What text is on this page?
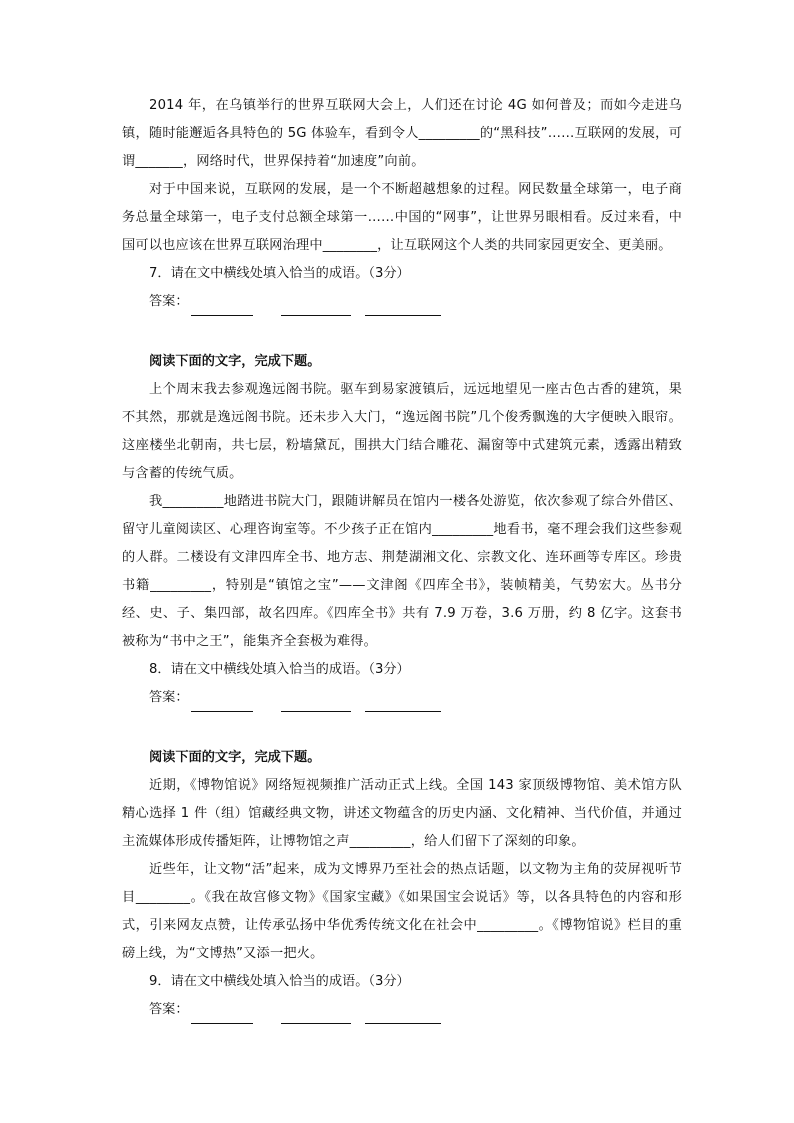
2014 年，在乌镇举行的世界互联网大会上，人们还在讨论 4G 如何普及；而如今走进乌镇，随时能邂逅各具特色的 5G 体验车，看到令人_________的“黑科技”……互联网的发展，可谓_______，网络时代，世界保持着“加速度”向前。

对于中国来说，互联网的发展，是一个不断超越想象的过程。网民数量全球第一，电子商务总量全球第一，电子支付总额全球第一……中国的“网事”，让世界另眼相看。反过来看，中国可以也应该在世界互联网治理中________，让互联网这个人类的共同家园更安全、更美丽。

7．请在文中横线处填入恰当的成语。（3分）

答案：

阅读下面的文字，完成下题。

上个周末我去参观逸远阁书院。驱车到易家渡镇后，远远地望见一座古色古香的建筑，果不其然，那就是逸远阁书院。还未步入大门，“逸远阁书院”几个俊秀飘逸的大字便映入眼帘。这座楼坐北朝南，共七层，粉墙黛瓦，围拱大门结合雕花、漏窗等中式建筑元素，透露出精致与含蓄的传统气质。

我_________地踏进书院大门，跟随讲解员在馆内一楼各处游览，依次参观了综合外借区、留守儿童阅读区、心理咨询室等。不少孩子正在馆内_________地看书，毫不理会我们这些参观的人群。二楼设有文津四库全书、地方志、荆楚湖湘文化、宗教文化、连环画等专库区。珍贵书籍_________，特别是“镇馆之宝”——文津阁《四库全书》，装帧精美，气势宏大。丛书分经、史、子、集四部，故名四库。《四库全书》共有 7.9 万卷，3.6 万册，约 8 亿字。这套书被称为“书中之王”，能集齐全套极为难得。

8．请在文中横线处填入恰当的成语。（3分）

答案：

阅读下面的文字，完成下题。

近期，《博物馆说》网络短视频推广活动正式上线。全国 143 家顶级博物馆、美术馆方队精心选择 1 件（组）馆藏经典文物，讲述文物蕴含的历史内涵、文化精神、当代价值，并通过主流媒体形成传播矩阵，让博物馆之声_________，给人们留下了深刻的印象。

近些年，让文物“活”起来，成为文博界乃至社会的热点话题，以文物为主角的荧屏视听节目________。《我在故宫修文物》《国家宝藏》《如果国宝会说话》等，以各具特色的内容和形式，引来网友点赞，让传承弘扬中华优秀传统文化在社会中_________。《博物馆说》栏目的重磅上线，为“文博热”又添一把火。

9．请在文中横线处填入恰当的成语。（3分）

答案：
